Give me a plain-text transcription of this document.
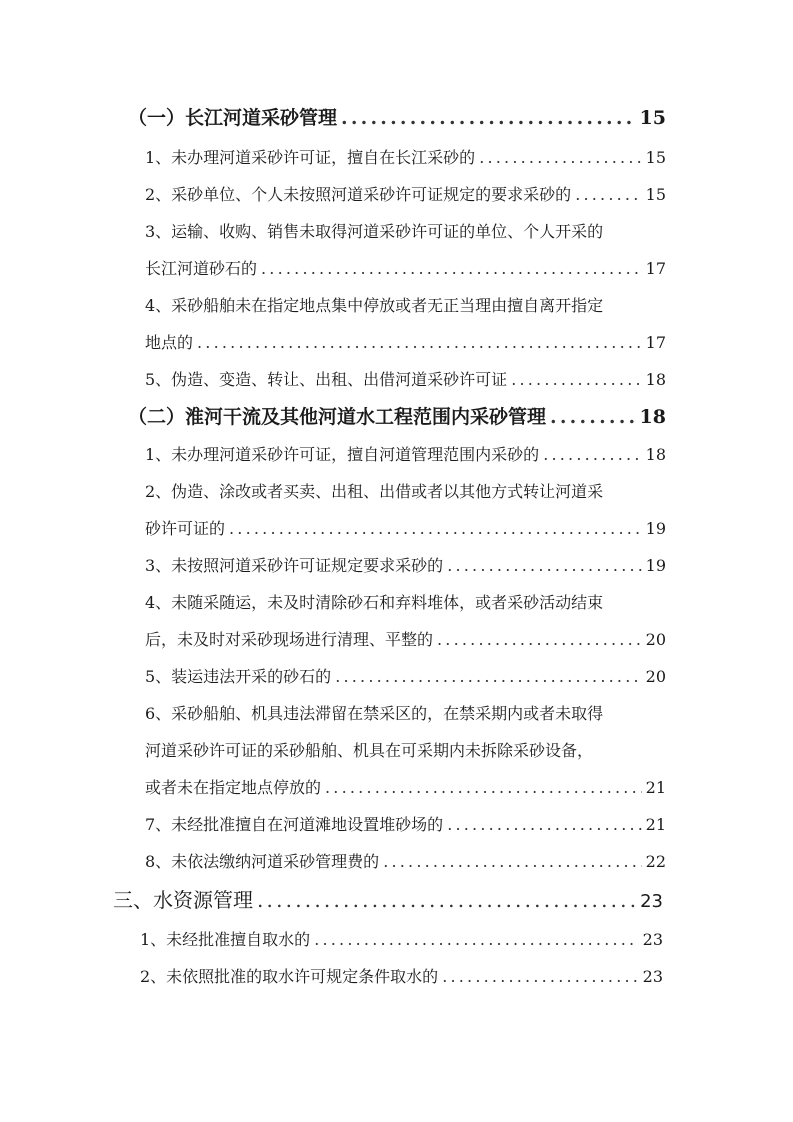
（一）长江河道采砂管理 .....	15
1、未办理河道采砂许可证，擅自在长江采砂的 .....	15
2、采砂单位、个人未按照河道采砂许可证规定的要求采砂的 .....	15
3、运输、收购、销售未取得河道采砂许可证的单位、个人开采的
长江河道砂石的 .....	17
4、采砂船舶未在指定地点集中停放或者无正当理由擅自离开指定
地点的 .....	17
5、伪造、变造、转让、出租、出借河道采砂许可证 .....	18
（二）淮河干流及其他河道水工程范围内采砂管理 .....	18
1、未办理河道采砂许可证，擅自河道管理范围内采砂的 .....	18
2、伪造、涂改或者买卖、出租、出借或者以其他方式转让河道采
砂许可证的 .....	19
3、未按照河道采砂许可证规定要求采砂的 .....	19
4、未随采随运，未及时清除砂石和弃料堆体，或者采砂活动结束
后，未及时对采砂现场进行清理、平整的 .....	20
5、装运违法开采的砂石的 .....	20
6、采砂船舶、机具违法滞留在禁采区的，在禁采期内或者未取得
河道采砂许可证的采砂船舶、机具在可采期内未拆除采砂设备，
或者未在指定地点停放的 .....	21
7、未经批准擅自在河道滩地设置堆砂场的 .....	21
8、未依法缴纳河道采砂管理费的 .....	22
三、水资源管理 .....	23
1、未经批准擅自取水的 .....	23
2、未依照批准的取水许可规定条件取水的 .....	23
